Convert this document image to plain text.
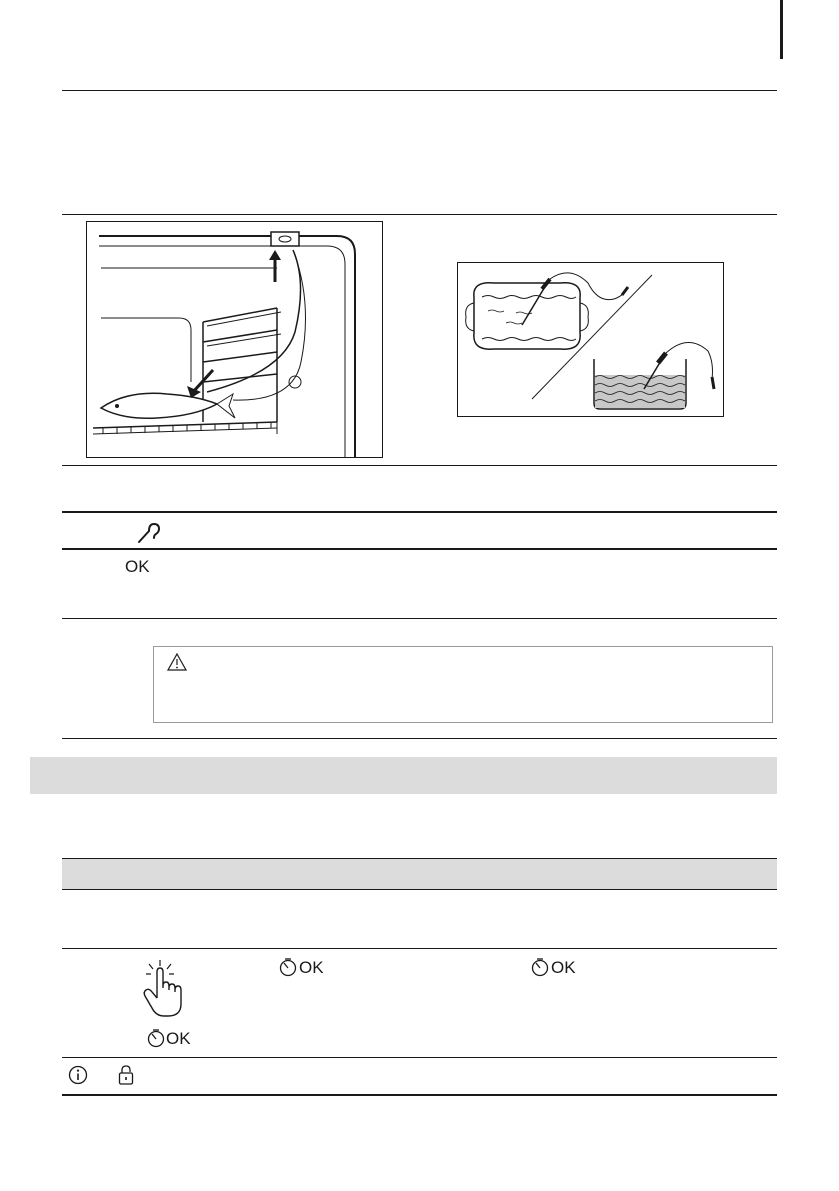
OK
OK
OK	OK
